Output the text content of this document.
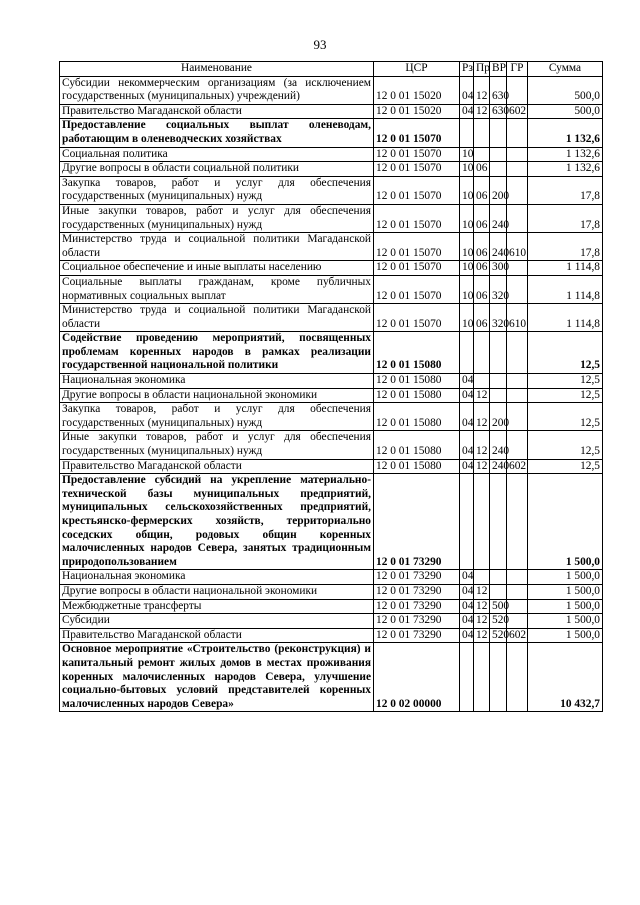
93
Наименование	ЦСР	Рз	Пр	ВР	ГР	Сумма
Субсидии некоммерческим организациям (за исключением государственных (муниципальных) учреждений)	12 0 01 15020	04	12	630		500,0
Правительство Магаданской области	12 0 01 15020	04	12	630	602	500,0
Предоставление социальных выплат оленеводам, работающим в оленеводческих хозяйствах	12 0 01 15070					1 132,6
Социальная политика	12 0 01 15070	10				1 132,6
Другие вопросы в области социальной политики	12 0 01 15070	10	06			1 132,6
Закупка товаров, работ и услуг для обеспечения государственных (муниципальных) нужд	12 0 01 15070	10	06	200		17,8
Иные закупки товаров, работ и услуг для обеспечения государственных (муниципальных) нужд	12 0 01 15070	10	06	240		17,8
Министерство труда и социальной политики Магаданской области	12 0 01 15070	10	06	240	610	17,8
Социальное обеспечение и иные выплаты населению	12 0 01 15070	10	06	300		1 114,8
Социальные выплаты гражданам, кроме публичных нормативных социальных выплат	12 0 01 15070	10	06	320		1 114,8
Министерство труда и социальной политики Магаданской области	12 0 01 15070	10	06	320	610	1 114,8
Содействие проведению мероприятий, посвященных проблемам коренных народов в рамках реализации государственной национальной политики	12 0 01 15080					12,5
Национальная экономика	12 0 01 15080	04				12,5
Другие вопросы в области национальной экономики	12 0 01 15080	04	12			12,5
Закупка товаров, работ и услуг для обеспечения государственных (муниципальных) нужд	12 0 01 15080	04	12	200		12,5
Иные закупки товаров, работ и услуг для обеспечения государственных (муниципальных) нужд	12 0 01 15080	04	12	240		12,5
Правительство Магаданской области	12 0 01 15080	04	12	240	602	12,5
Предоставление субсидий на укрепление материально-технической базы муниципальных предприятий, муниципальных сельскохозяйственных предприятий, крестьянско-фермерских хозяйств, территориально соседских общин, родовых общин коренных малочисленных народов Севера, занятых традиционным природопользованием	12 0 01 73290					1 500,0
Национальная экономика	12 0 01 73290	04				1 500,0
Другие вопросы в области национальной экономики	12 0 01 73290	04	12			1 500,0
Межбюджетные трансферты	12 0 01 73290	04	12	500		1 500,0
Субсидии	12 0 01 73290	04	12	520		1 500,0
Правительство Магаданской области	12 0 01 73290	04	12	520	602	1 500,0
Основное мероприятие «Строительство (реконструкция) и капитальный ремонт жилых домов в местах проживания коренных малочисленных народов Севера, улучшение социально-бытовых условий представителей коренных малочисленных народов Севера»	12 0 02 00000					10 432,7
